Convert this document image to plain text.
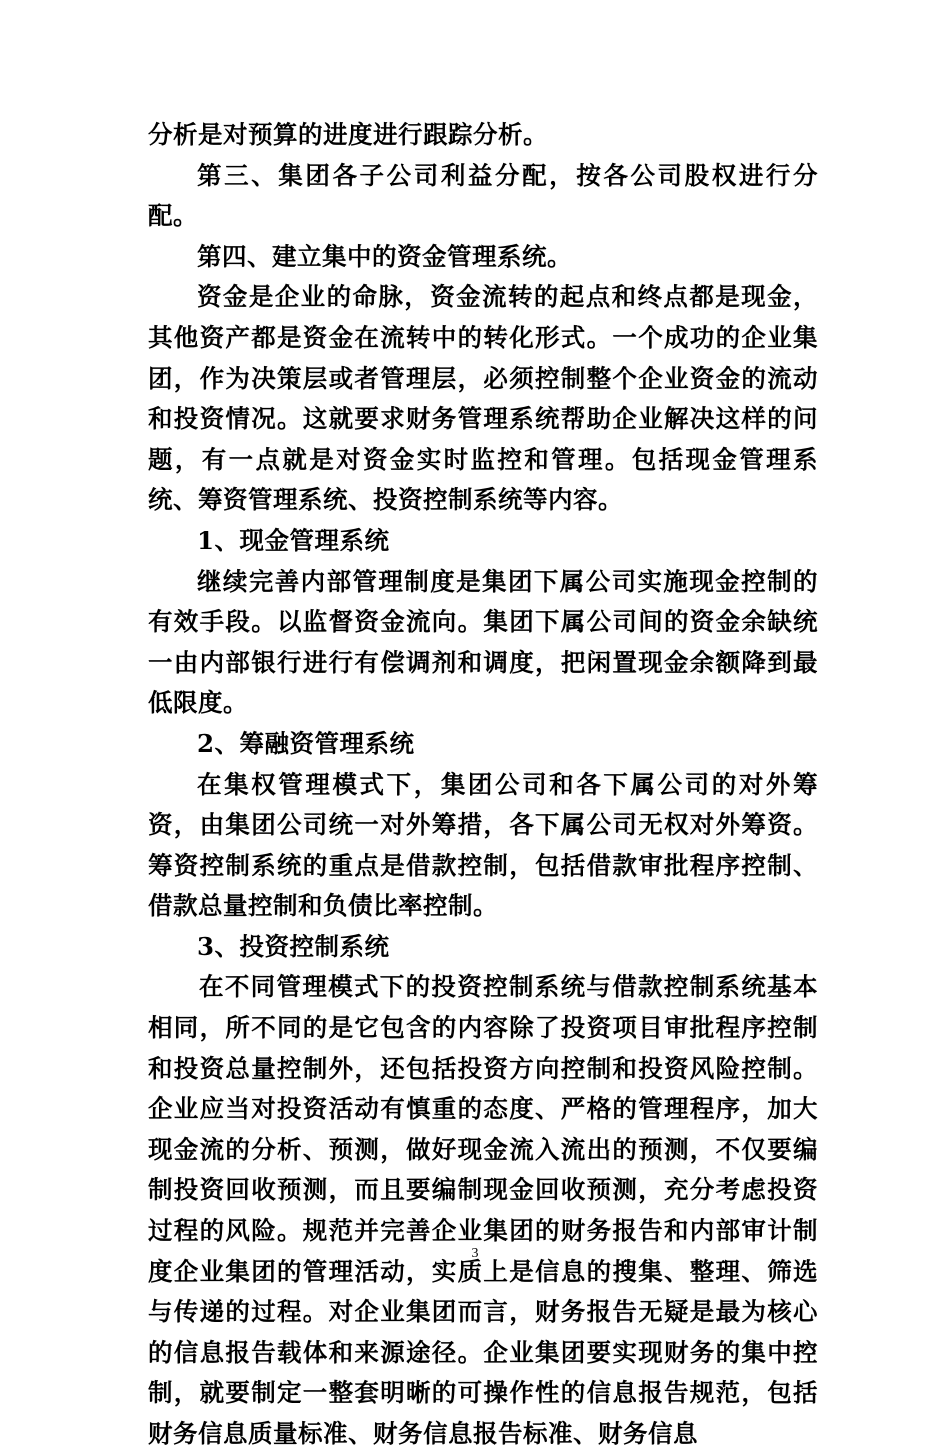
分析是对预算的进度进行跟踪分析。

第三、集团各子公司利益分配，按各公司股权进行分配。

第四、建立集中的资金管理系统。

资金是企业的命脉，资金流转的起点和终点都是现金，其他资产都是资金在流转中的转化形式。一个成功的企业集团，作为决策层或者管理层，必须控制整个企业资金的流动和投资情况。这就要求财务管理系统帮助企业解决这样的问题，有一点就是对资金实时监控和管理。包括现金管理系统、筹资管理系统、投资控制系统等内容。

1、现金管理系统

继续完善内部管理制度是集团下属公司实施现金控制的有效手段。以监督资金流向。集团下属公司间的资金余缺统一由内部银行进行有偿调剂和调度，把闲置现金余额降到最低限度。

2、筹融资管理系统

在集权管理模式下，集团公司和各下属公司的对外筹资，由集团公司统一对外筹措，各下属公司无权对外筹资。筹资控制系统的重点是借款控制，包括借款审批程序控制、借款总量控制和负债比率控制。

3、投资控制系统

在不同管理模式下的投资控制系统与借款控制系统基本相同，所不同的是它包含的内容除了投资项目审批程序控制和投资总量控制外，还包括投资方向控制和投资风险控制。企业应当对投资活动有慎重的态度、严格的管理程序，加大现金流的分析、预测，做好现金流入流出的预测，不仅要编制投资回收预测，而且要编制现金回收预测，充分考虑投资过程的风险。规范并完善企业集团的财务报告和内部审计制度企业集团的管理活动，实质上是信息的搜集、整理、筛选与传递的过程。对企业集团而言，财务报告无疑是最为核心的信息报告载体和来源途径。企业集团要实现财务的集中控制，就要制定一整套明晰的可操作性的信息报告规范，包括财务信息质量标准、财务信息报告标准、财务信息

3
